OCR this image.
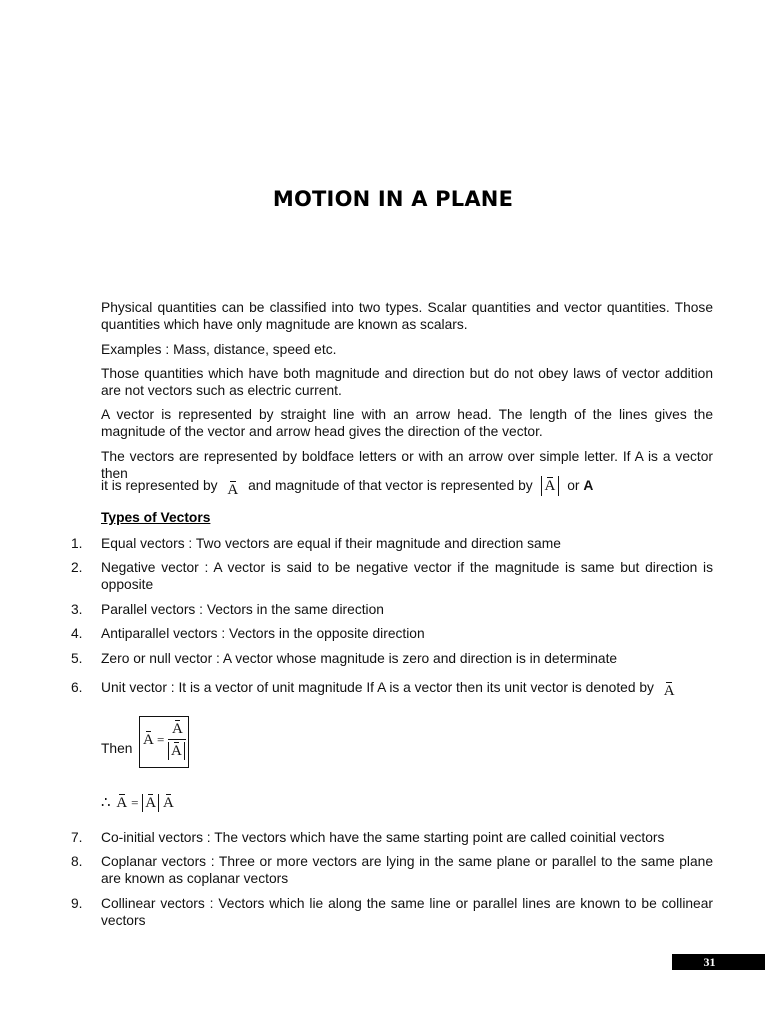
MOTION IN A PLANE
Physical quantities can be classified into two types. Scalar quantities and vector quantities. Those quantities which have only magnitude are known as scalars.
Examples : Mass, distance, speed etc.
Those quantities which have both magnitude and direction but do not obey laws of vector addition are not vectors such as electric current.
A vector is represented by straight line with an arrow head. The length of the lines gives the magnitude of the vector and arrow head gives the direction of the vector.
The vectors are represented by boldface letters or with an arrow over simple letter. If A is a vector then
it is represented by A and magnitude of that vector is represented by A or A
Types of Vectors
1. Equal vectors : Two vectors are equal if their magnitude and direction same
2. Negative vector : A vector is said to be negative vector if the magnitude is same but direction is opposite
3. Parallel vectors : Vectors in the same direction
4. Antiparallel vectors : Vectors in the opposite direction
5. Zero or null vector : A vector whose magnitude is zero and direction is in determinate
6. Unit vector : It is a vector of unit magnitude If A is a vector then its unit vector is denoted by A
Then
A =
A
A
∴ A = A A
7. Co-initial vectors : The vectors which have the same starting point are called coinitial vectors
8. Coplanar vectors : Three or more vectors are lying in the same plane or parallel to the same plane are known as coplanar vectors
9. Collinear vectors : Vectors which lie along the same line or parallel lines are known to be collinear vectors
31
